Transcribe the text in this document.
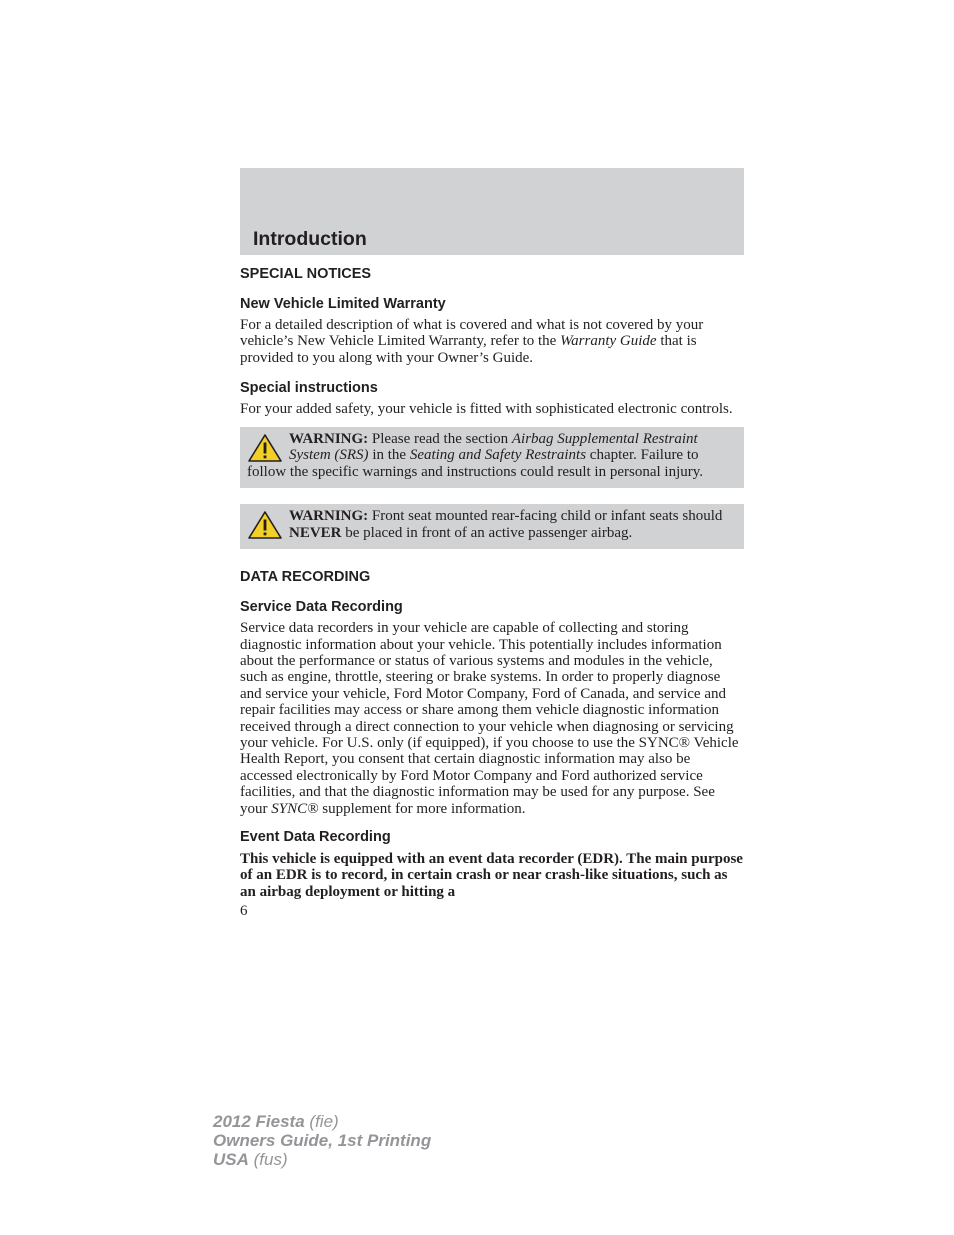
Introduction
SPECIAL NOTICES
New Vehicle Limited Warranty

For a detailed description of what is covered and what is not covered by your vehicle’s New Vehicle Limited Warranty, refer to the Warranty Guide that is provided to you along with your Owner’s Guide.

Special instructions

For your added safety, your vehicle is fitted with sophisticated electronic controls.

WARNING: Please read the section Airbag Supplemental Restraint System (SRS) in the Seating and Safety Restraints chapter. Failure to follow the specific warnings and instructions could result in personal injury.

WARNING: Front seat mounted rear-facing child or infant seats should NEVER be placed in front of an active passenger airbag.

DATA RECORDING
Service Data Recording

Service data recorders in your vehicle are capable of collecting and storing diagnostic information about your vehicle. This potentially includes information about the performance or status of various systems and modules in the vehicle, such as engine, throttle, steering or brake systems. In order to properly diagnose and service your vehicle, Ford Motor Company, Ford of Canada, and service and repair facilities may access or share among them vehicle diagnostic information received through a direct connection to your vehicle when diagnosing or servicing your vehicle. For U.S. only (if equipped), if you choose to use the SYNC® Vehicle Health Report, you consent that certain diagnostic information may also be accessed electronically by Ford Motor Company and Ford authorized service facilities, and that the diagnostic information may be used for any purpose. See your SYNC® supplement for more information.

Event Data Recording

This vehicle is equipped with an event data recorder (EDR). The main purpose of an EDR is to record, in certain crash or near crash-like situations, such as an airbag deployment or hitting a

6
2012 Fiesta (fie)
Owners Guide, 1st Printing
USA (fus)
